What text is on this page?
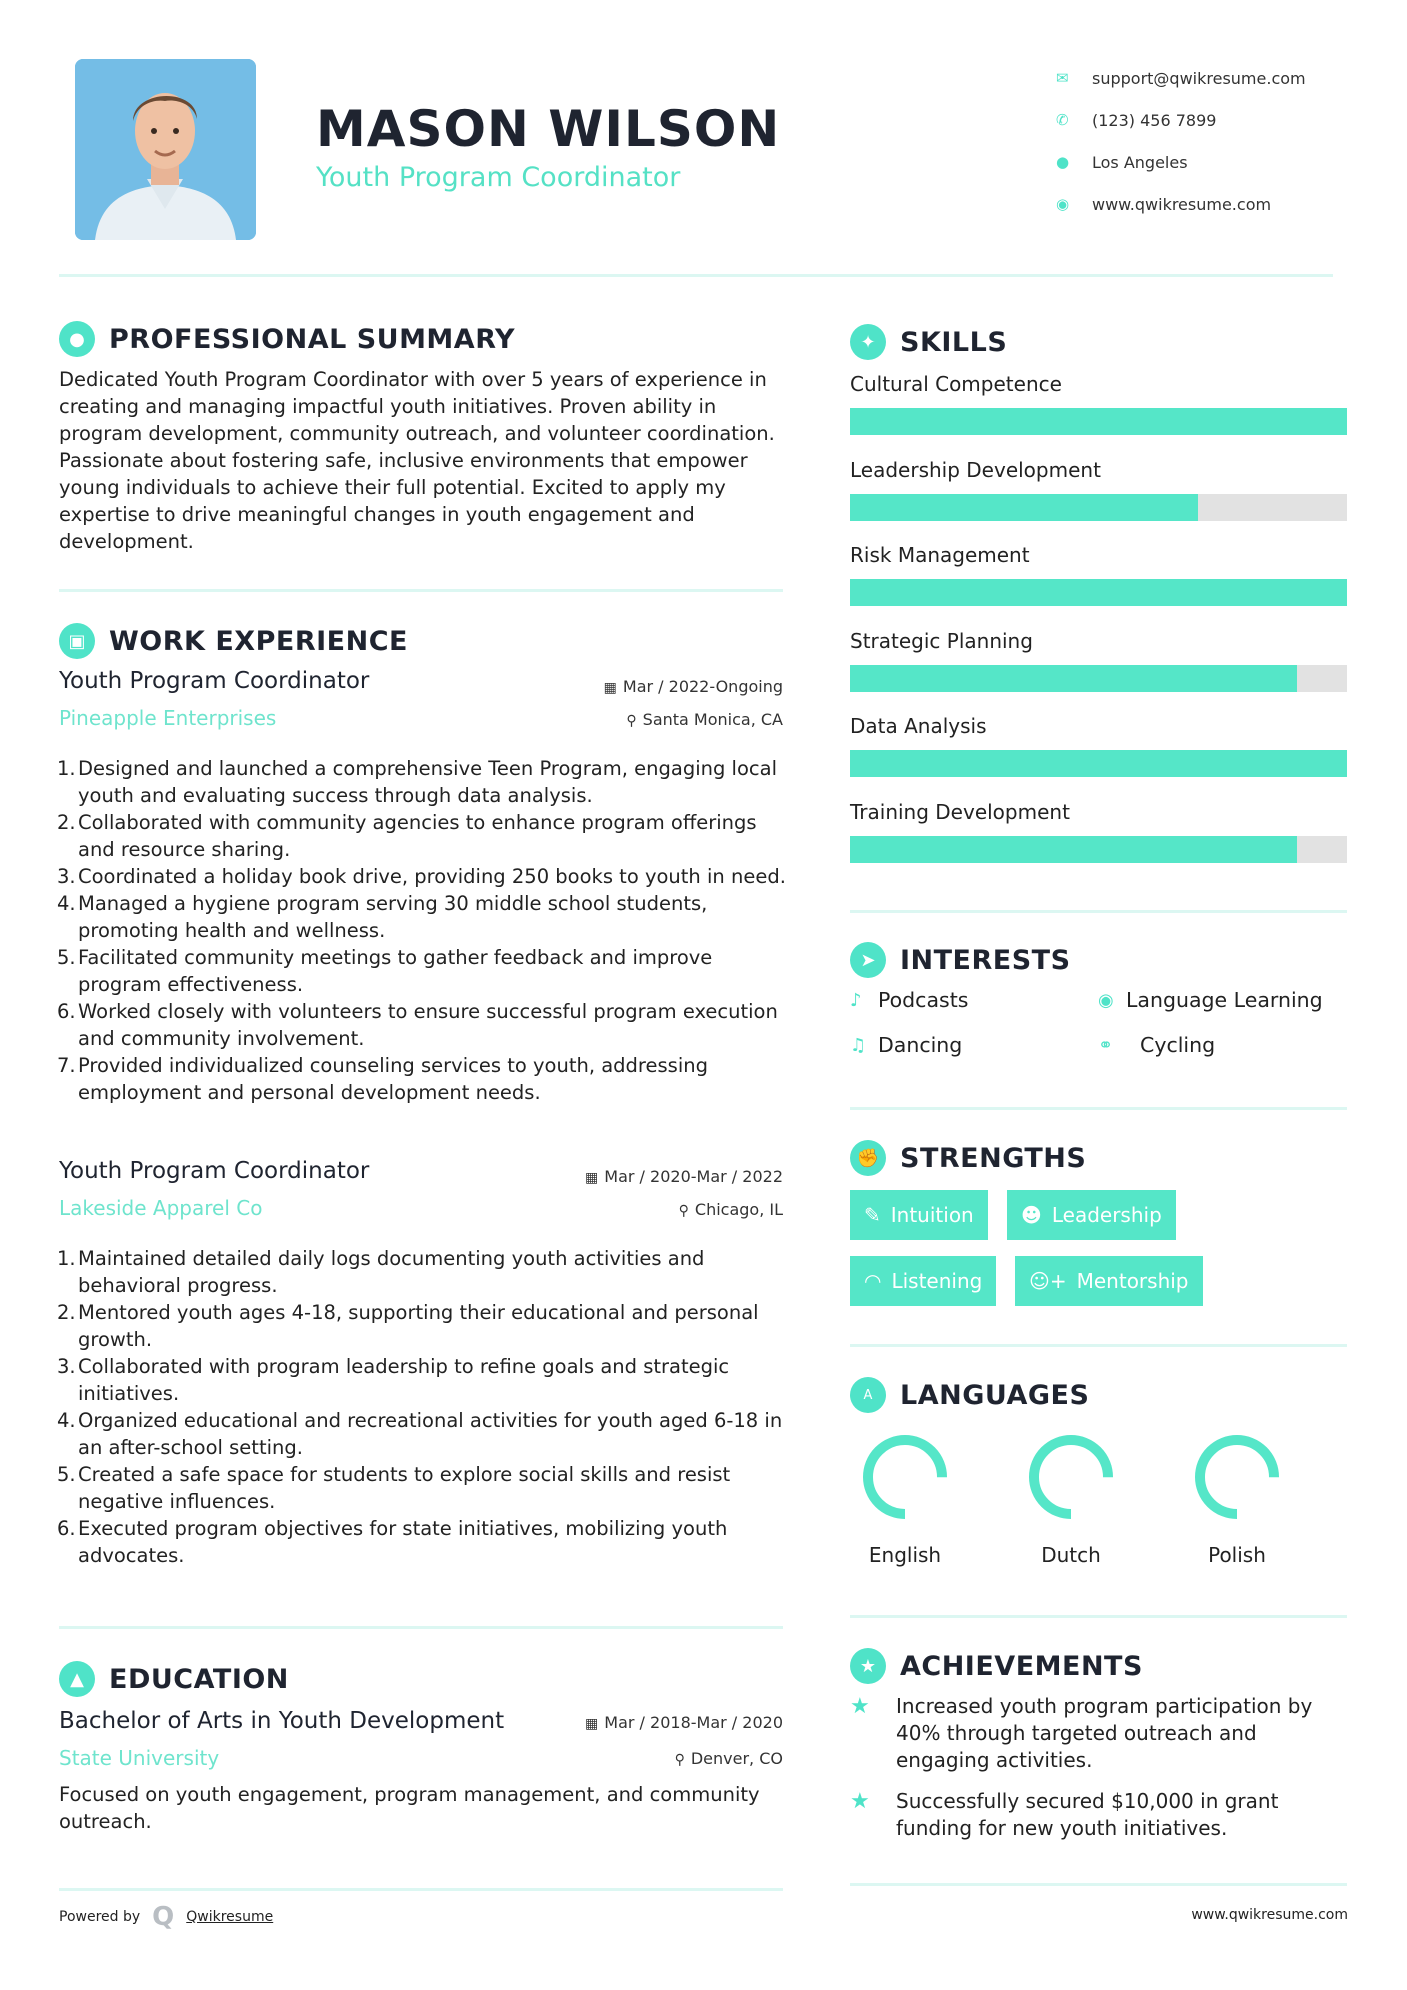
MASON WILSON
Youth Program Coordinator
✉	support@qwikresume.com
✆	(123) 456 7899
●	Los Angeles
◉	www.qwikresume.com
● PROFESSIONAL SUMMARY
Dedicated Youth Program Coordinator with over 5 years of experience in creating and managing impactful youth initiatives. Proven ability in program development, community outreach, and volunteer coordination. Passionate about fostering safe, inclusive environments that empower young individuals to achieve their full potential. Excited to apply my expertise to drive meaningful changes in youth engagement and development.
▣ WORK EXPERIENCE
Youth Program Coordinator	▦ Mar / 2022-Ongoing
Pineapple Enterprises	⚲ Santa Monica, CA
1. Designed and launched a comprehensive Teen Program, engaging local youth and evaluating success through data analysis.
2. Collaborated with community agencies to enhance program offerings and resource sharing.
3. Coordinated a holiday book drive, providing 250 books to youth in need.
4. Managed a hygiene program serving 30 middle school students, promoting health and wellness.
5. Facilitated community meetings to gather feedback and improve program effectiveness.
6. Worked closely with volunteers to ensure successful program execution and community involvement.
7. Provided individualized counseling services to youth, addressing employment and personal development needs.
Youth Program Coordinator	▦ Mar / 2020-Mar / 2022
Lakeside Apparel Co	⚲ Chicago, IL
1. Maintained detailed daily logs documenting youth activities and behavioral progress.
2. Mentored youth ages 4-18, supporting their educational and personal growth.
3. Collaborated with program leadership to refine goals and strategic initiatives.
4. Organized educational and recreational activities for youth aged 6-18 in an after-school setting.
5. Created a safe space for students to explore social skills and resist negative influences.
6. Executed program objectives for state initiatives, mobilizing youth advocates.
▲ EDUCATION
Bachelor of Arts in Youth Development	▦ Mar / 2018-Mar / 2020
State University	⚲ Denver, CO
Focused on youth engagement, program management, and community outreach.
Powered by Q Qwikresume	www.qwikresume.com
✦ SKILLS
Cultural Competence
Leadership Development
Risk Management
Strategic Planning
Data Analysis
Training Development
➤ INTERESTS
♪ Podcasts	◉ Language Learning
♫ Dancing	⚭	Cycling
✊ STRENGTHS
✎ Intuition ☻ Leadership
◠ Listening ☺+ Mentorship
A	LANGUAGES
English	Dutch	Polish
★ ACHIEVEMENTS
★	Increased youth program participation by 40% through targeted outreach and engaging activities.
★	Successfully secured $10,000 in grant funding for new youth initiatives.
